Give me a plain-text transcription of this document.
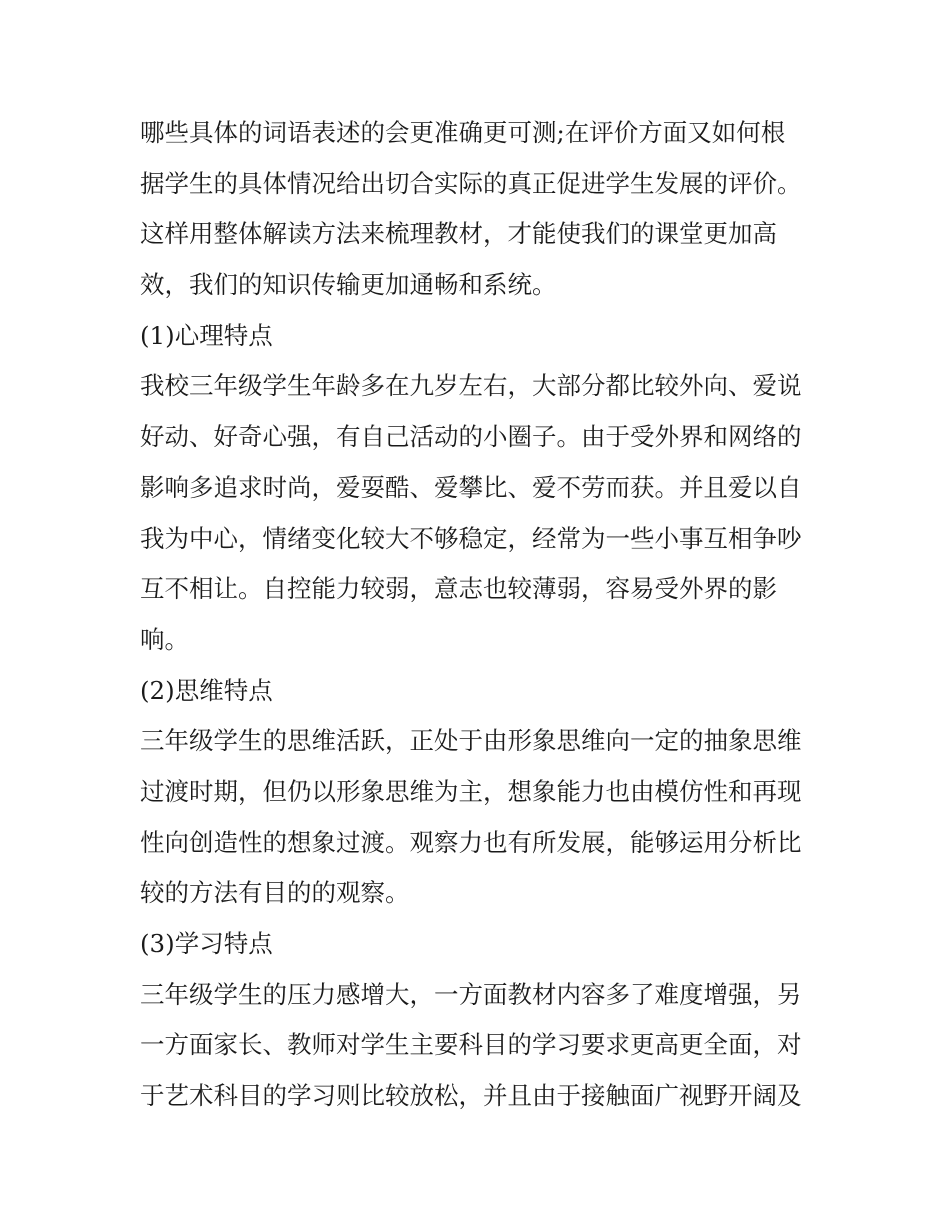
哪些具体的词语表述的会更准确更可测;在评价方面又如何根
据学生的具体情况给出切合实际的真正促进学生发展的评价。
这样用整体解读方法来梳理教材，才能使我们的课堂更加高
效，我们的知识传输更加通畅和系统。
(1)心理特点
我校三年级学生年龄多在九岁左右，大部分都比较外向、爱说
好动、好奇心强，有自己活动的小圈子。由于受外界和网络的
影响多追求时尚，爱耍酷、爱攀比、爱不劳而获。并且爱以自
我为中心，情绪变化较大不够稳定，经常为一些小事互相争吵
互不相让。自控能力较弱，意志也较薄弱，容易受外界的影
响。
(2)思维特点
三年级学生的思维活跃，正处于由形象思维向一定的抽象思维
过渡时期，但仍以形象思维为主，想象能力也由模仿性和再现
性向创造性的想象过渡。观察力也有所发展，能够运用分析比
较的方法有目的的观察。
(3)学习特点
三年级学生的压力感增大，一方面教材内容多了难度增强，另
一方面家长、教师对学生主要科目的学习要求更高更全面，对
于艺术科目的学习则比较放松，并且由于接触面广视野开阔及
